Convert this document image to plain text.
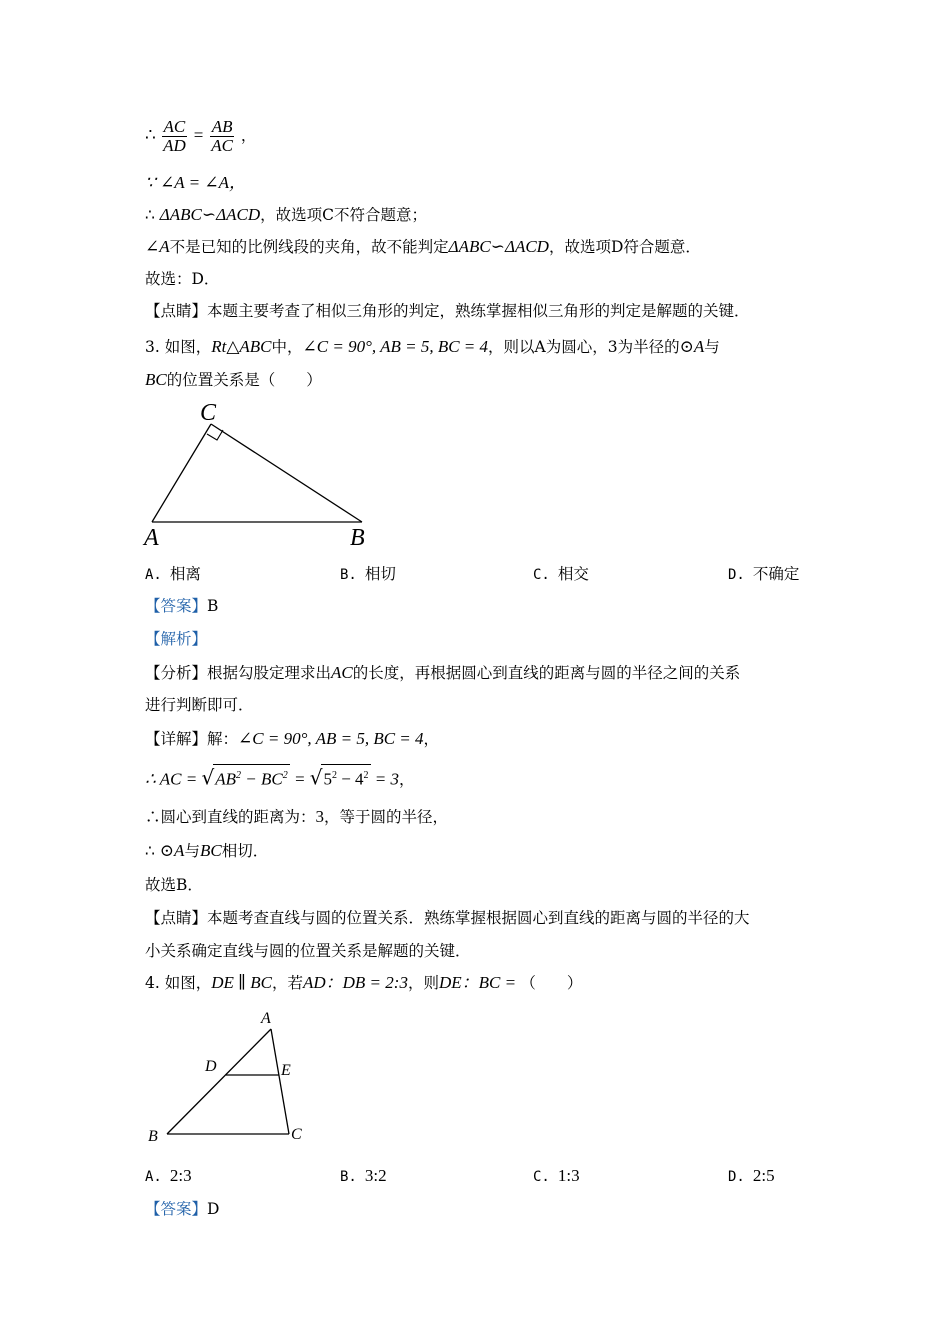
∴ $\frac{AC}{AD} = \frac{AB}{AC}$ ，
∵ ∠A = ∠A，
∴ ΔABC∽ΔACD，故选项C不符合题意；
∠A不是已知的比例线段的夹角，故不能判定ΔABC∽ΔACD，故选项D符合题意．
故选：D．
【点睛】本题主要考查了相似三角形的判定，熟练掌握相似三角形的判定是解题的关键．
3. 如图，Rt△ABC中，∠C = 90°, AB = 5, BC = 4，则以A为圆心，3为半径的⊙A与
BC的位置关系是（　　）
C
A	B
A. 相离	B. 相切	C. 相交	D. 不确定
【答案】B
【解析】
【分析】根据勾股定理求出AC的长度，再根据圆心到直线的距离与圆的半径之间的关系
进行判断即可．
【详解】解：∠C = 90°, AB = 5, BC = 4，
∴ AC = $√AB^2 - BC^2 = √5^2 - 4^2 = 3$，
∴圆心到直线的距离为：3，等于圆的半径，
∴ ⊙A与BC相切．
故选B．
【点睛】本题考查直线与圆的位置关系．熟练掌握根据圆心到直线的距离与圆的半径的大
小关系确定直线与圆的位置关系是解题的关键．
4. 如图，DE ∥ BC，若AD：DB = 2:3，则DE：BC = （　　）
A
D	E
B	C
A. 2:3	B. 3:2	C. 1:3	D. 2:5
【答案】D
